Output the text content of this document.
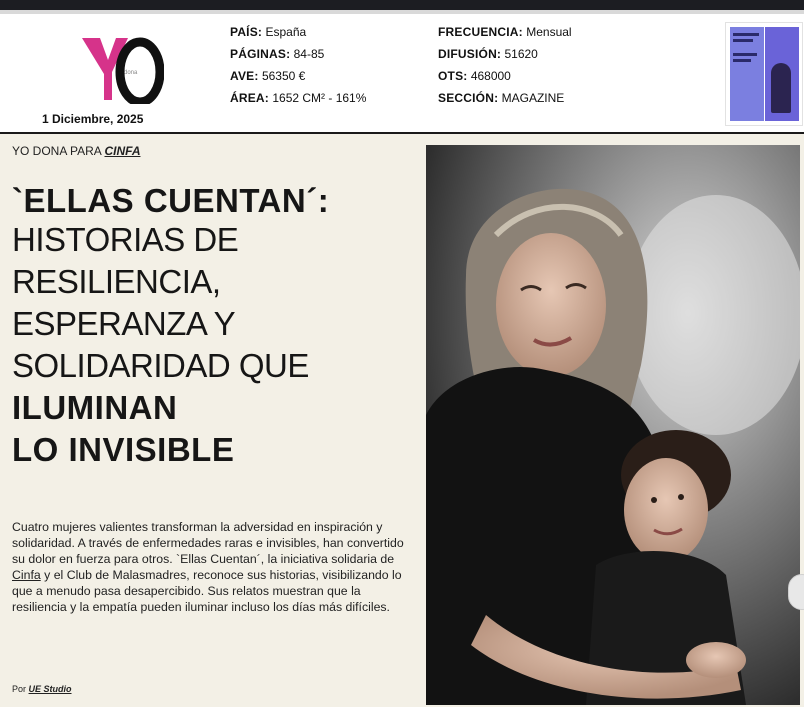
dona
1 Diciembre, 2025
PAÍS: España
PÁGINAS: 84-85
AVE: 56350 €
ÁREA: 1652 CM² - 161%
FRECUENCIA: Mensual
DIFUSIÓN: 51620
OTS: 468000
SECCIÓN: MAGAZINE
YO DONA PARA CINFA
`ELLAS CUENTAN´:
HISTORIAS DE
RESILIENCIA,
ESPERANZA Y
SOLIDARIDAD QUE
ILUMINAN
LO INVISIBLE
Cuatro mujeres valientes transforman la adversidad en inspiración y solidaridad. A través de enfermedades raras e invisibles, han convertido su dolor en fuerza para otros. `Ellas Cuentan´, la iniciativa solidaria de Cinfa y el Club de Malasmadres, reconoce sus historias, visibilizando lo que a menudo pasa desapercibido. Sus relatos muestran que la resiliencia y la empatía pueden iluminar incluso los días más difíciles.
Por UE Studio
